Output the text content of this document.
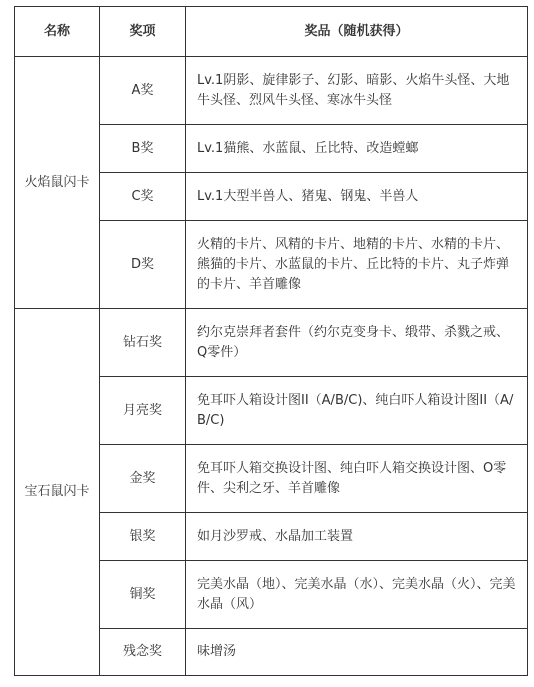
名称	奖项	奖品（随机获得）
火焰鼠闪卡	A奖	Lv.1阴影、旋律影子、幻影、暗影、火焰牛头怪、大地牛头怪、烈风牛头怪、寒冰牛头怪
	B奖	Lv.1猫熊、水蓝鼠、丘比特、改造螳螂
	C奖	Lv.1大型半兽人、猪鬼、钢鬼、半兽人
	D奖	火精的卡片、风精的卡片、地精的卡片、水精的卡片、熊猫的卡片、水蓝鼠的卡片、丘比特的卡片、丸子炸弹的卡片、羊首雕像
宝石鼠闪卡	钻石奖	约尔克崇拜者套件（约尔克变身卡、缎带、杀戮之戒、Q零件）
	月亮奖	免耳吓人箱设计图II（A/B/C)、纯白吓人箱设计图II（A/B/C)
	金奖	免耳吓人箱交换设计图、纯白吓人箱交换设计图、O零件、尖利之牙、羊首雕像
	银奖	如月沙罗戒、水晶加工装置
	铜奖	完美水晶（地）、完美水晶（水）、完美水晶（火）、完美水晶（风）
	残念奖	味增汤
